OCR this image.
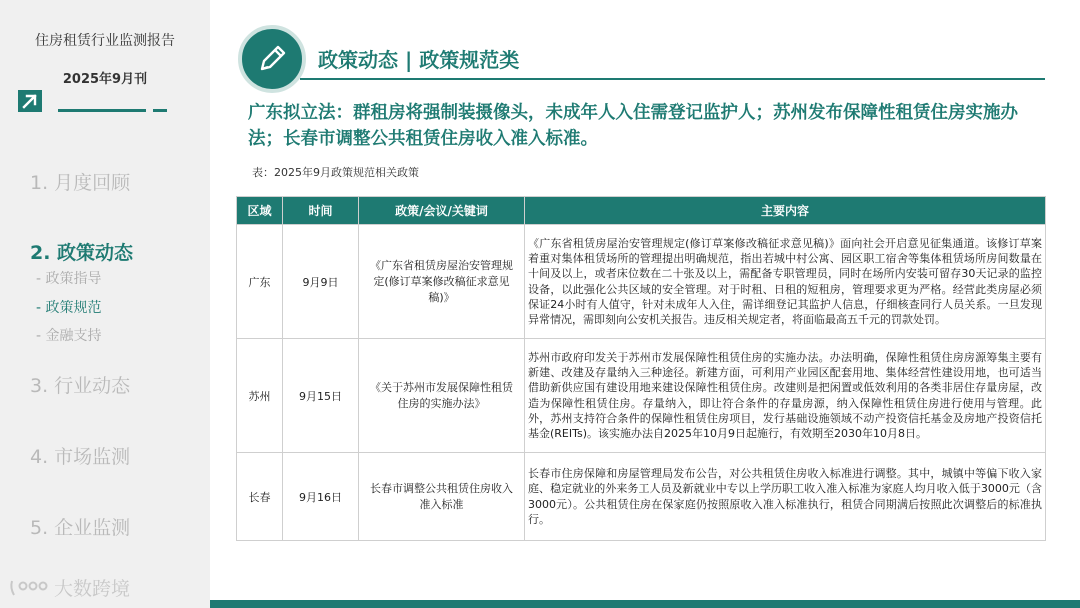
住房租赁行业监测报告
2025年9月刊
1. 月度回顾
2. 政策动态
- 政策指导
- 政策规范
- 金融支持
3. 行业动态
4. 市场监测
5. 企业监测
大数跨境
政策动态 | 政策规范类
广东拟立法：群租房将强制装摄像头，未成年人入住需登记监护人；苏州发布保障性租赁住房实施办法；长春市调整公共租赁住房收入准入标准。
表：2025年9月政策规范相关政策
区域	时间	政策/会议/关键词	主要内容
广东	9月9日	《广东省租赁房屋治安管理规定(修订草案修改稿征求意见稿)》	《广东省租赁房屋治安管理规定(修订草案修改稿征求意见稿)》面向社会开启意见征集通道。该修订草案着重对集体租赁场所的管理提出明确规范，指出若城中村公寓、园区职工宿舍等集体租赁场所房间数量在十间及以上，或者床位数在二十张及以上，需配备专职管理员，同时在场所内安装可留存30天记录的监控设备，以此强化公共区域的安全管理。对于时租、日租的短租房，管理要求更为严格。经营此类房屋必须保证24小时有人值守，针对未成年人入住，需详细登记其监护人信息，仔细核查同行人员关系。一旦发现异常情况，需即刻向公安机关报告。违反相关规定者，将面临最高五千元的罚款处罚。
苏州	9月15日	《关于苏州市发展保障性租赁住房的实施办法》	苏州市政府印发关于苏州市发展保障性租赁住房的实施办法。办法明确，保障性租赁住房房源筹集主要有新建、改建及存量纳入三种途径。新建方面，可利用产业园区配套用地、集体经营性建设用地，也可适当借助新供应国有建设用地来建设保障性租赁住房。改建则是把闲置或低效利用的各类非居住存量房屋，改造为保障性租赁住房。存量纳入，即让符合条件的存量房源，纳入保障性租赁住房进行使用与管理。此外，苏州支持符合条件的保障性租赁住房项目，发行基础设施领域不动产投资信托基金及房地产投资信托基金(REITs)。该实施办法自2025年10月9日起施行，有效期至2030年10月8日。
长春	9月16日	长春市调整公共租赁住房收入准入标准	长春市住房保障和房屋管理局发布公告，对公共租赁住房收入标准进行调整。其中，城镇中等偏下收入家庭、稳定就业的外来务工人员及新就业中专以上学历职工收入准入标准为家庭人均月收入低于3000元（含3000元）。公共租赁住房在保家庭仍按照原收入准入标准执行，租赁合同期满后按照此次调整后的标准执行。
